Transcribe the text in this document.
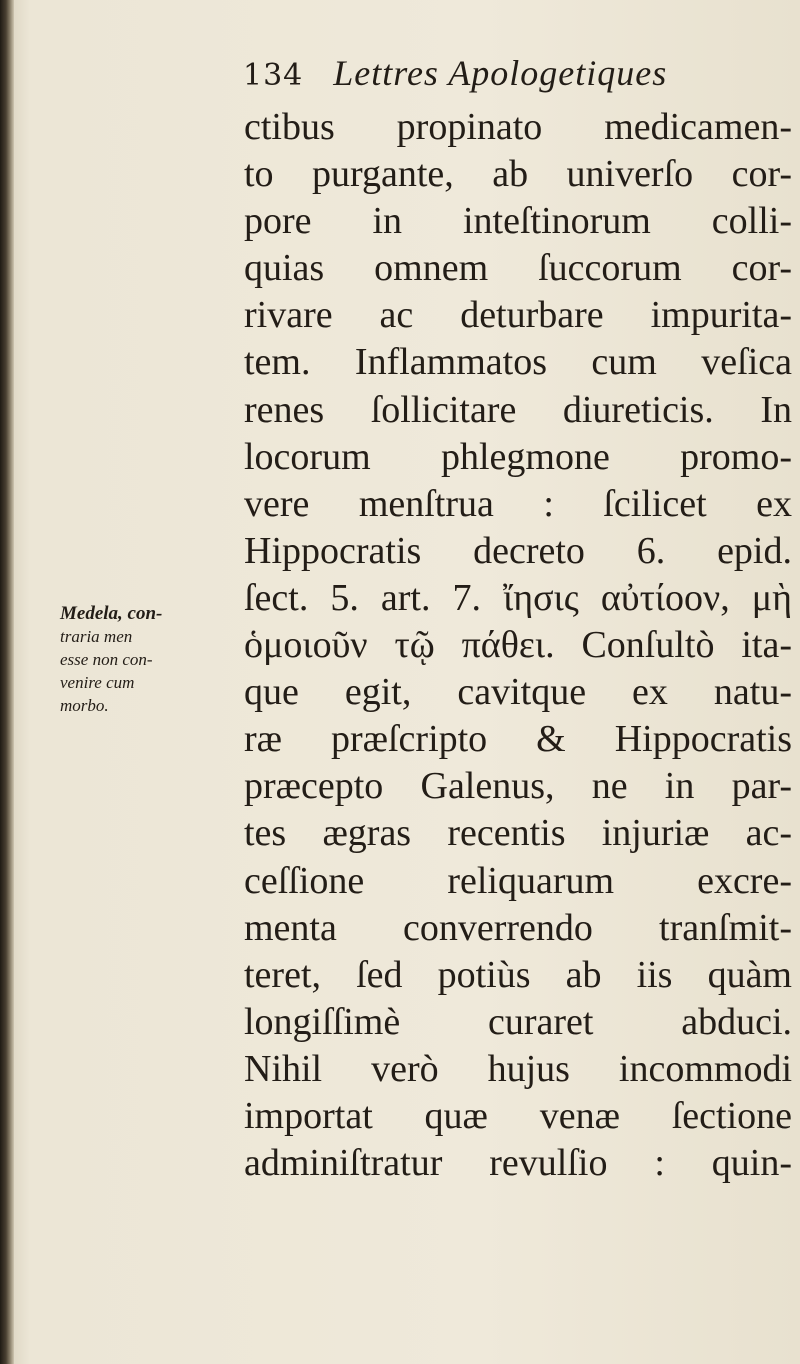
134 Lettres Apologetiques
Medela, con-
traria men
esse non con-
venire cum
morbo.
ctibus propinato medicamen-
to purgante, ab univerſo cor-
pore in inteſtinorum colli-
quias omnem ſuccorum cor-
rivare ac deturbare impurita-
tem. Inflammatos cum veſica
renes ſollicitare diureticis. In
locorum phlegmone promo-
vere menſtrua : ſcilicet ex
Hippocratis decreto 6. epid.
ſect. 5. art. 7. ἴησις αὐτίοον, μὴ
ὁμοιοῦν τῷ πάθει. Conſultò ita-
que egit, cavitque ex natu-
ræ præſcripto & Hippocratis
præcepto Galenus, ne in par-
tes ægras recentis injuriæ ac-
ceſſione reliquarum excre-
menta converrendo tranſmit-
teret, ſed potiùs ab iis quàm
longiſſimè curaret abduci.
Nihil verò hujus incommodi
importat quæ venæ ſectione
adminiſtratur revulſio : quin-
